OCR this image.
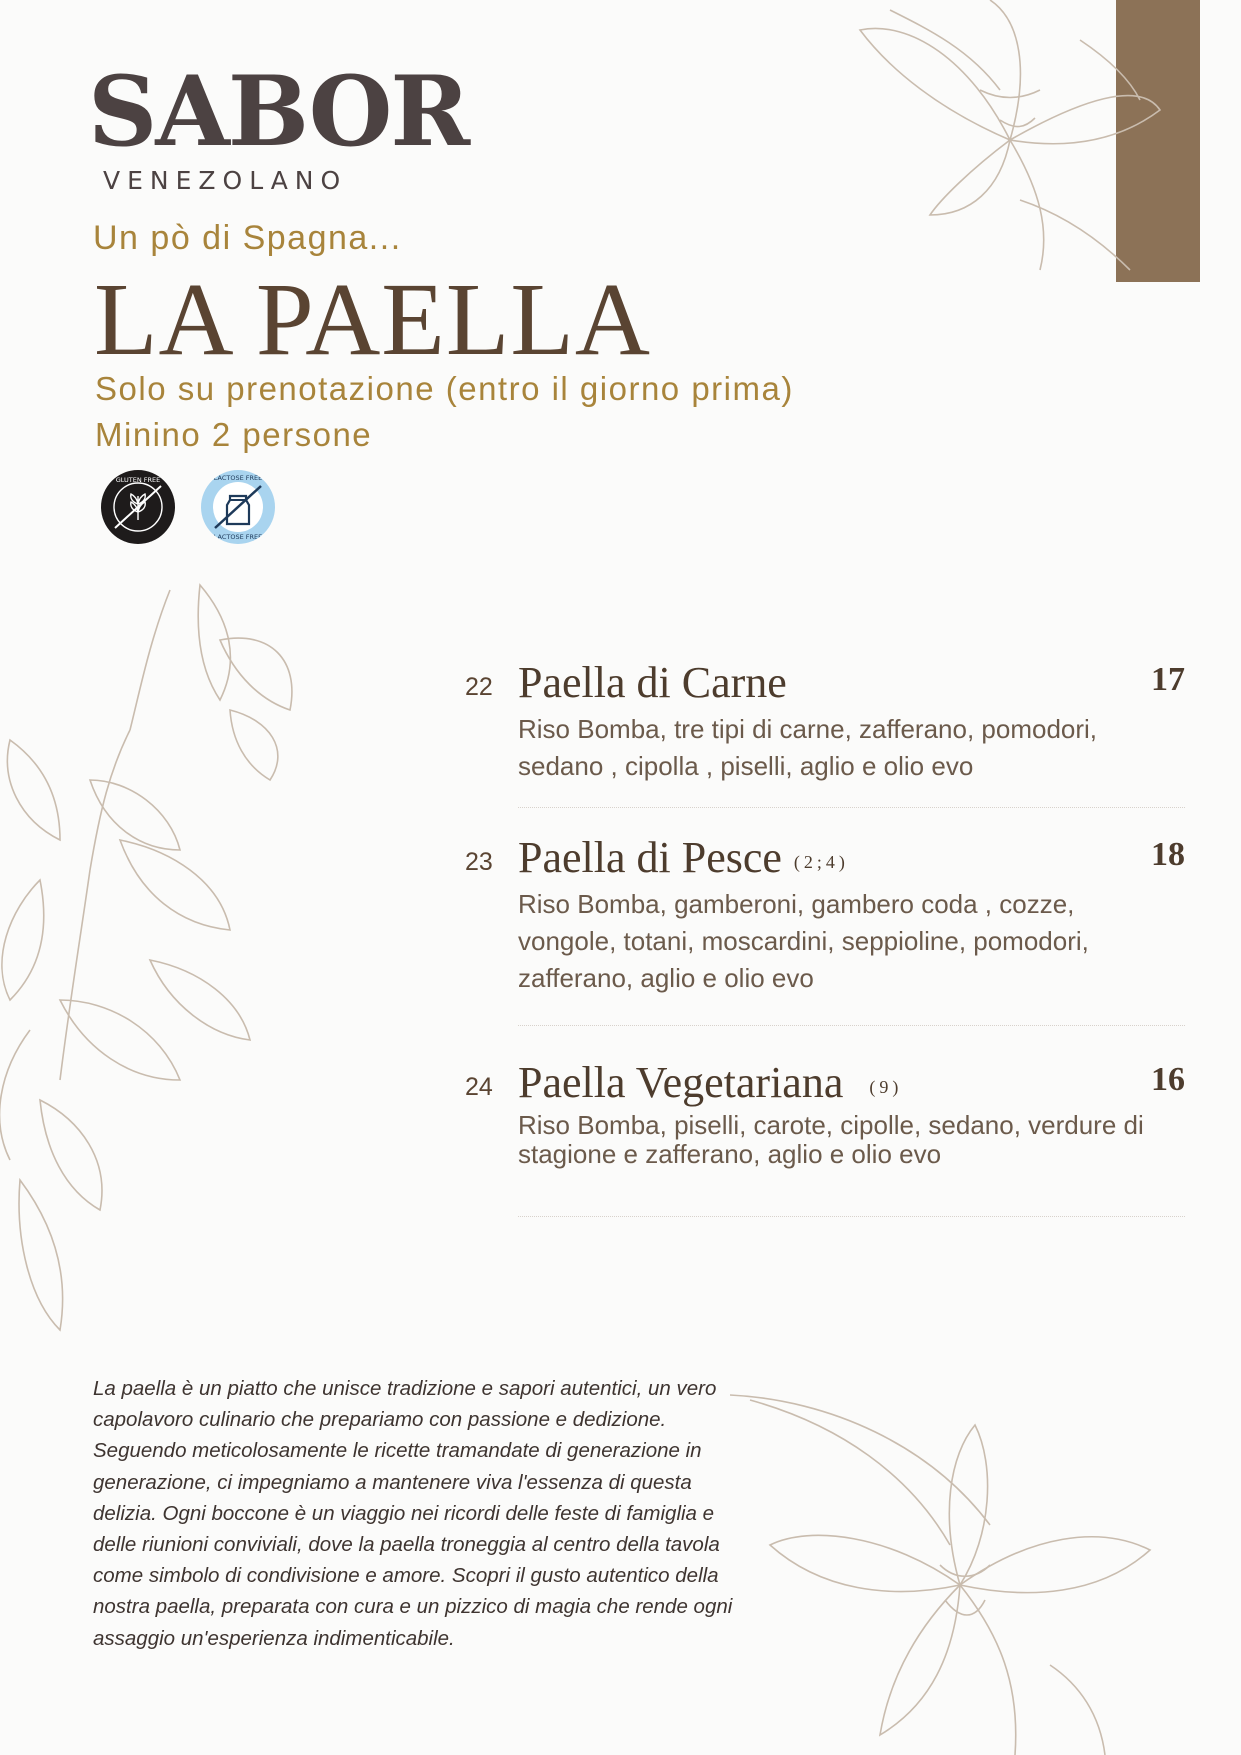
SABOR
VENEZOLANO
Un pò di Spagna...
LA PAELLA
Solo su prenotazione (entro il giorno prima)
Minino 2 persone
GLUTEN FREE	LACTOSE FREE
LACTOSE FREE
22 Paella di Carne	17
Riso Bomba, tre tipi di carne, zafferano, pomodori, sedano , cipolla , piselli, aglio e olio evo
23 Paella di Pesce (2;4)	18
Riso Bomba, gamberoni, gambero coda , cozze, vongole, totani, moscardini, seppioline, pomodori, zafferano, aglio e olio evo
24 Paella Vegetariana (9)	16
Riso Bomba, piselli, carote, cipolle, sedano, verdure di stagione e zafferano, aglio e olio evo
La paella è un piatto che unisce tradizione e sapori autentici, un vero capolavoro culinario che prepariamo con passione e dedizione. Seguendo meticolosamente le ricette tramandate di generazione in generazione, ci impegniamo a mantenere viva l'essenza di questa delizia. Ogni boccone è un viaggio nei ricordi delle feste di famiglia e delle riunioni conviviali, dove la paella troneggia al centro della tavola come simbolo di condivisione e amore. Scopri il gusto autentico della nostra paella, preparata con cura e un pizzico di magia che rende ogni assaggio un'esperienza indimenticabile.
